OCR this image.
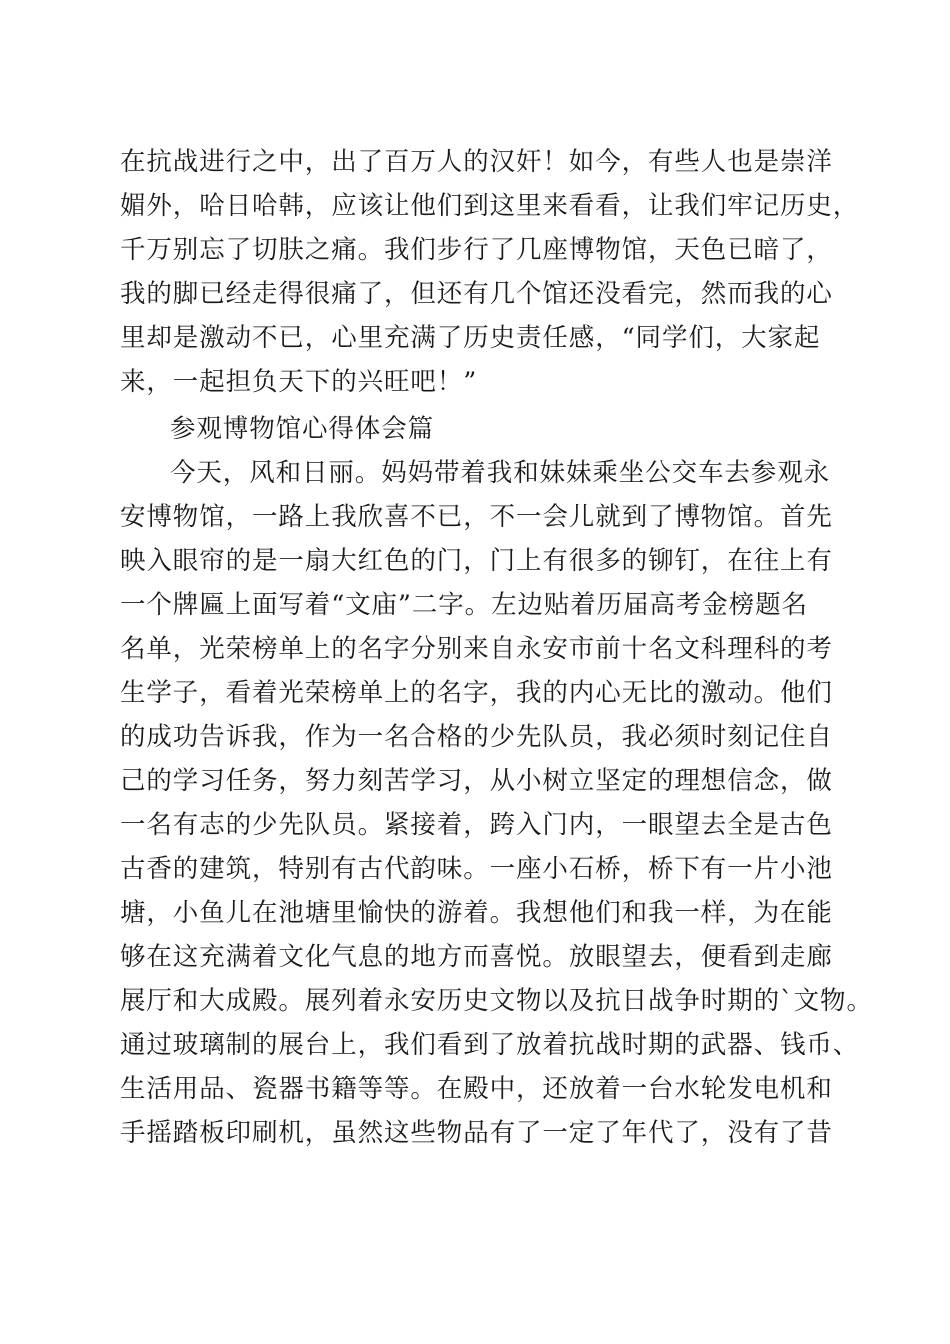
在抗战进行之中，出了百万人的汉奸！如今，有些人也是崇洋
媚外，哈日哈韩，应该让他们到这里来看看，让我们牢记历史，
千万别忘了切肤之痛。我们步行了几座博物馆，天色已暗了，
我的脚已经走得很痛了，但还有几个馆还没看完，然而我的心
里却是激动不已，心里充满了历史责任感，“同学们，大家起
来，一起担负天下的兴旺吧！”
参观博物馆心得体会篇
今天，风和日丽。妈妈带着我和妹妹乘坐公交车去参观永
安博物馆，一路上我欣喜不已，不一会儿就到了博物馆。首先
映入眼帘的是一扇大红色的门，门上有很多的铆钉，在往上有
一个牌匾上面写着“文庙”二字。左边贴着历届高考金榜题名
名单，光荣榜单上的名字分别来自永安市前十名文科理科的考
生学子，看着光荣榜单上的名字，我的内心无比的激动。他们
的成功告诉我，作为一名合格的少先队员，我必须时刻记住自
己的学习任务，努力刻苦学习，从小树立坚定的理想信念，做
一名有志的少先队员。紧接着，跨入门内，一眼望去全是古色
古香的建筑，特别有古代韵味。一座小石桥，桥下有一片小池
塘，小鱼儿在池塘里愉快的游着。我想他们和我一样，为在能
够在这充满着文化气息的地方而喜悦。放眼望去，便看到走廊
展厅和大成殿。展列着永安历史文物以及抗日战争时期的`文物。
通过玻璃制的展台上，我们看到了放着抗战时期的武器、钱币、
生活用品、瓷器书籍等等。在殿中，还放着一台水轮发电机和
手摇踏板印刷机，虽然这些物品有了一定了年代了，没有了昔
